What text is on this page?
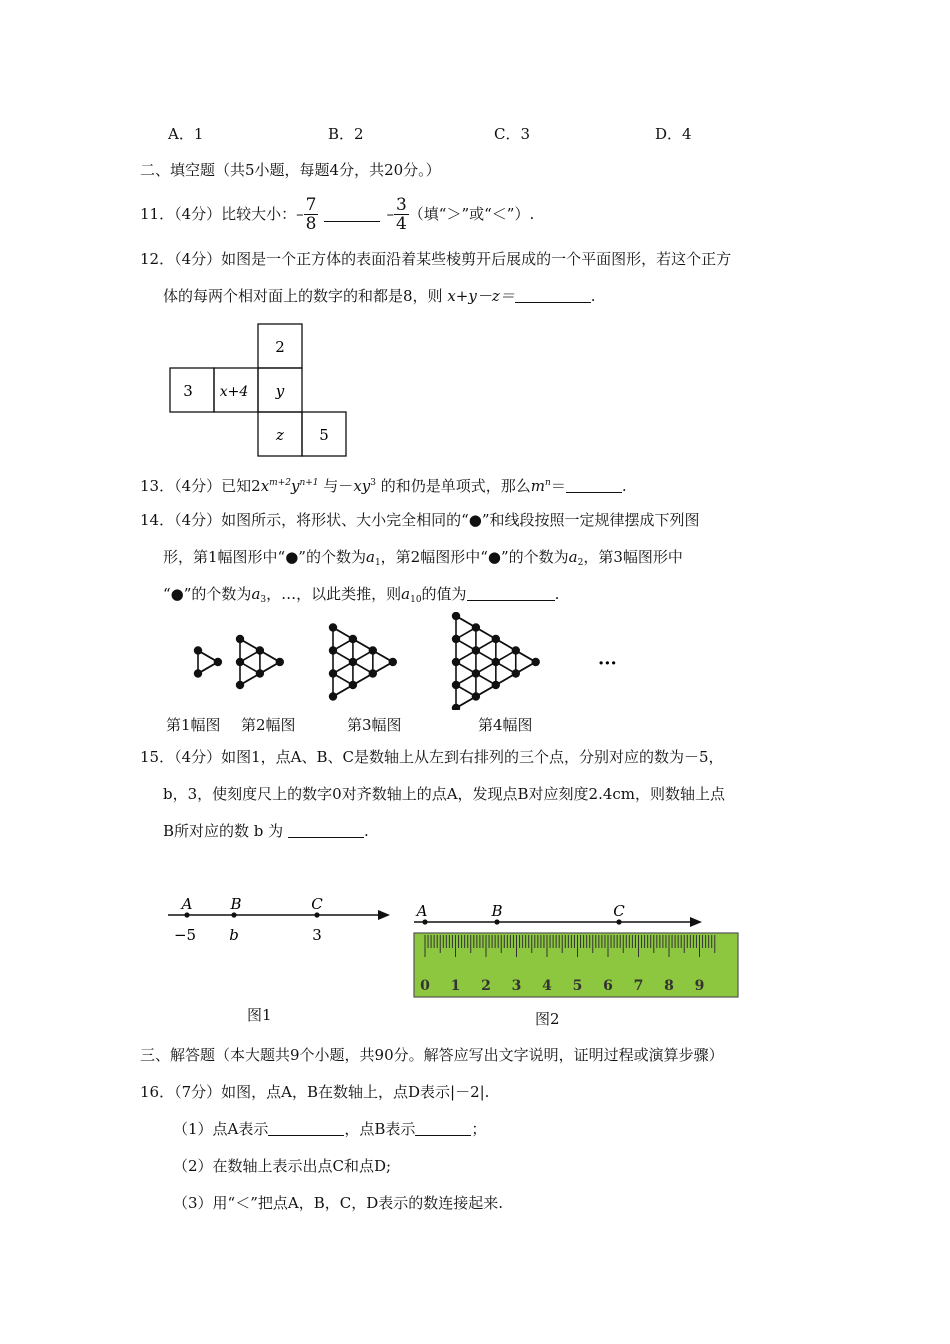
A．1	B．2	C．3	D．4
二、填空题（共5小题，每题4分，共20分。）
11．（4分）比较大小： – $\frac{7}{8}$	– $\frac{3}{4}$ （填“＞”或“＜”）.
12．（4分）如图是一个正方体的表面沿着某些棱剪开后展成的一个平面图形，若这个正方
体的每两个相对面上的数字的和都是8，则 x+y－z＝	.
2
3 x+4 y
z 5
13．（4分）已知$2x^{m+2}y^{n+1}$ 与$-xy^3$ 的和仍是单项式，那么$m^n=$	.
14．（4分）如图所示，将形状、大小完全相同的“●”和线段按照一定规律摆成下列图
形，第1幅图形中“●”的个数为$a_1$，第2幅图形中“●”的个数为$a_2$，第3幅图形中
“●”的个数为$a_3$，…，以此类推，则$a_{10}$的值为	.
···
第1幅图 第2幅图	第3幅图	第4幅图
15．（4分）如图1，点A、B、C是数轴上从左到右排列的三个点，分别对应的数为－5，
b，3，使刻度尺上的数字0对齐数轴上的点A，发现点B对应刻度2.4cm，则数轴上点
B所对应的数 b 为	.
A	B	C
−5 b	3
图1
A	B	C
0 1 2 3 4 5 6 7 8 9
图2
三、解答题（本大题共9个小题，共90分。解答应写出文字说明，证明过程或演算步骤）
16．（7分）如图，点A，B在数轴上，点D表示|－2|.
（1）点A表示	，点B表示	；
（2）在数轴上表示出点C和点D;
（3）用“＜”把点A，B，C，D表示的数连接起来.
